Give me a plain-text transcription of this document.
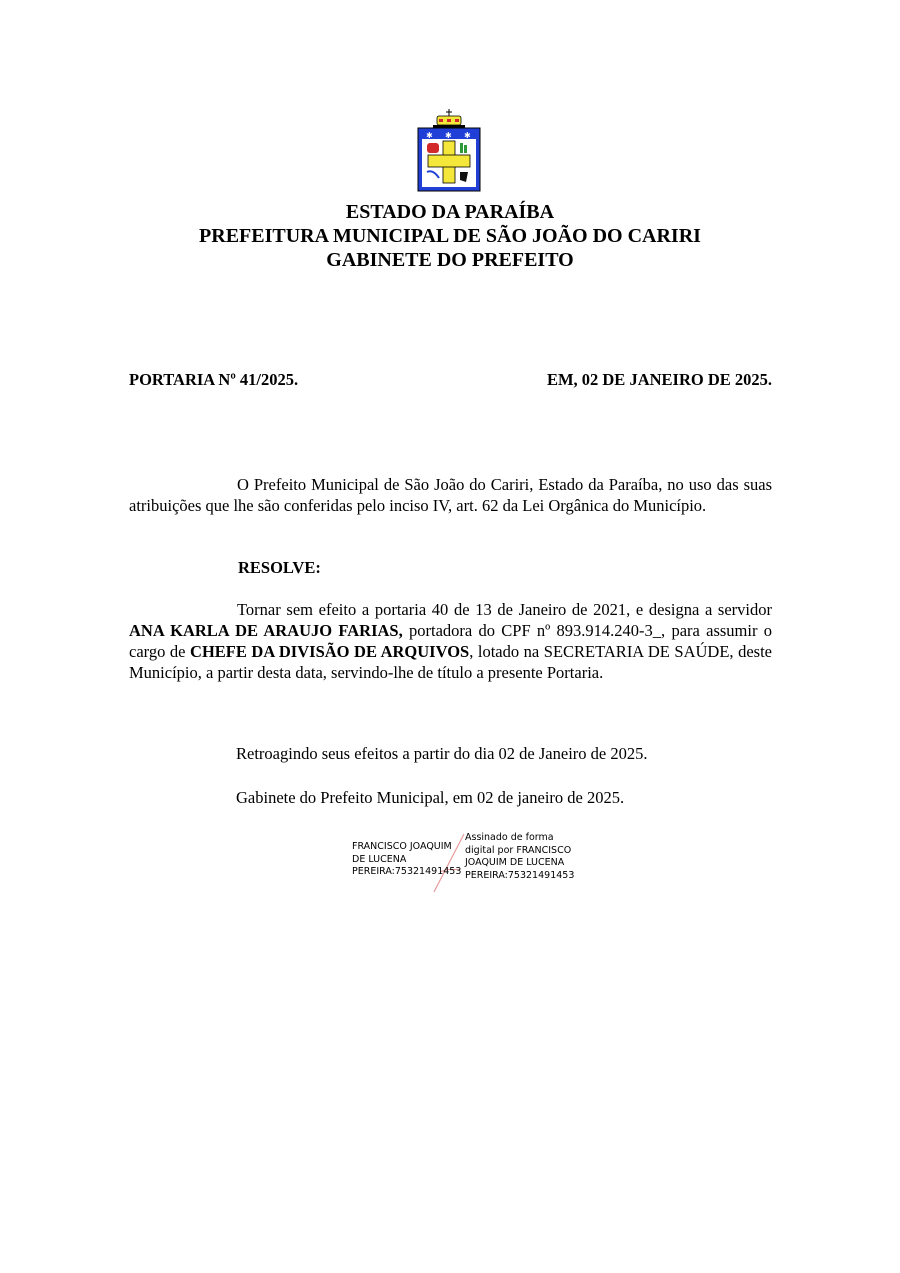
✱ ✱ ✱
ESTADO DA PARAÍBA
PREFEITURA MUNICIPAL DE SÃO JOÃO DO CARIRI
GABINETE DO PREFEITO
PORTARIA Nº 41/2025.	EM, 02 DE JANEIRO DE 2025.
O Prefeito Municipal de São João do Cariri, Estado da Paraíba, no uso das suas atribuições que lhe são conferidas pelo inciso IV, art. 62 da Lei Orgânica do Município.
RESOLVE:
Tornar sem efeito a portaria 40 de 13 de Janeiro de 2021, e designa a servidor ANA KARLA DE ARAUJO FARIAS, portadora do CPF nº 893.914.240-3_, para assumir o cargo de CHEFE DA DIVISÃO DE ARQUIVOS, lotado na SECRETARIA DE SAÚDE, deste Município, a partir desta data, servindo-lhe de título a presente Portaria.
Retroagindo seus efeitos a partir do dia 02 de Janeiro de 2025.
Gabinete do Prefeito Municipal, em 02 de janeiro de 2025.
FRANCISCO JOAQUIM
DE LUCENA
PEREIRA:75321491453
Assinado de forma
digital por FRANCISCO
JOAQUIM DE LUCENA
PEREIRA:75321491453
